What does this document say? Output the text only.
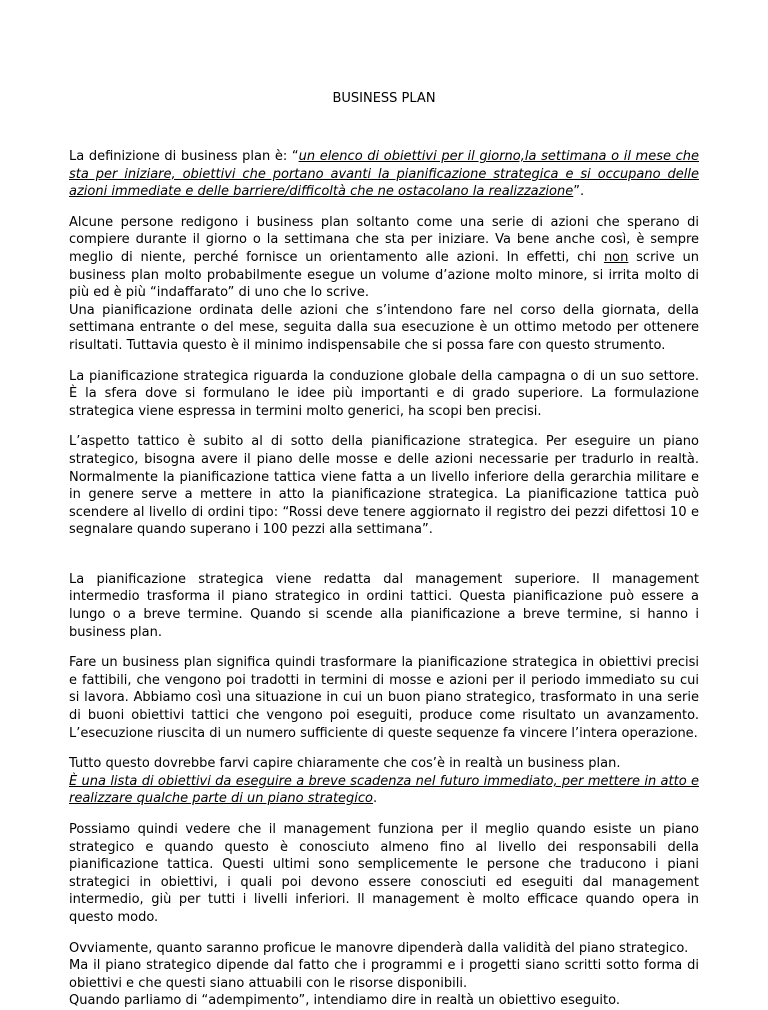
BUSINESS PLAN

La definizione di business plan è: “un elenco di obiettivi per il giorno,la settimana o il mese che sta per iniziare, obiettivi che portano avanti la pianificazione strategica e si occupano delle azioni immediate e delle barriere/difficoltà che ne ostacolano la realizzazione”.

Alcune persone redigono i business plan soltanto come una serie di azioni che sperano di compiere durante il giorno o la settimana che sta per iniziare. Va bene anche così, è sempre meglio di niente, perché fornisce un orientamento alle azioni. In effetti, chi non scrive un business plan molto probabilmente esegue un volume d’azione molto minore, si irrita molto di più ed è più “indaffarato” di uno che lo scrive.

Una pianificazione ordinata delle azioni che s’intendono fare nel corso della giornata, della settimana entrante o del mese, seguita dalla sua esecuzione è un ottimo metodo per ottenere risultati. Tuttavia questo è il minimo indispensabile che si possa fare con questo strumento.

La pianificazione strategica riguarda la conduzione globale della campagna o di un suo settore. È la sfera dove si formulano le idee più importanti e di grado superiore. La formulazione strategica viene espressa in termini molto generici, ha scopi ben precisi.

L’aspetto tattico è subito al di sotto della pianificazione strategica. Per eseguire un piano strategico, bisogna avere il piano delle mosse e delle azioni necessarie per tradurlo in realtà. Normalmente la pianificazione tattica viene fatta a un livello inferiore della gerarchia militare e in genere serve a mettere in atto la pianificazione strategica. La pianificazione tattica può scendere al livello di ordini tipo: “Rossi deve tenere aggiornato il registro dei pezzi difettosi 10 e segnalare quando superano i 100 pezzi alla settimana”.

La pianificazione strategica viene redatta dal management superiore. Il management intermedio trasforma il piano strategico in ordini tattici. Questa pianificazione può essere a lungo o a breve termine. Quando si scende alla pianificazione a breve termine, si hanno i business plan.

Fare un business plan significa quindi trasformare la pianificazione strategica in obiettivi precisi e fattibili, che vengono poi tradotti in termini di mosse e azioni per il periodo immediato su cui si lavora. Abbiamo così una situazione in cui un buon piano strategico, trasformato in una serie di buoni obiettivi tattici che vengono poi eseguiti, produce come risultato un avanzamento. L’esecuzione riuscita di un numero sufficiente di queste sequenze fa vincere l’intera operazione.

Tutto questo dovrebbe farvi capire chiaramente che cos’è in realtà un business plan.
È una lista di obiettivi da eseguire a breve scadenza nel futuro immediato, per mettere in atto e realizzare qualche parte di un piano strategico.

Possiamo quindi vedere che il management funziona per il meglio quando esiste un piano strategico e quando questo è conosciuto almeno fino al livello dei responsabili della pianificazione tattica. Questi ultimi sono semplicemente le persone che traducono i piani strategici in obiettivi, i quali poi devono essere conosciuti ed eseguiti dal management intermedio, giù per tutti i livelli inferiori. Il management è molto efficace quando opera in questo modo.

Ovviamente, quanto saranno proficue le manovre dipenderà dalla validità del piano strategico.
Ma il piano strategico dipende dal fatto che i programmi e i progetti siano scritti sotto forma di obiettivi e che questi siano attuabili con le risorse disponibili.
Quando parliamo di “adempimento”, intendiamo dire in realtà un obiettivo eseguito.
